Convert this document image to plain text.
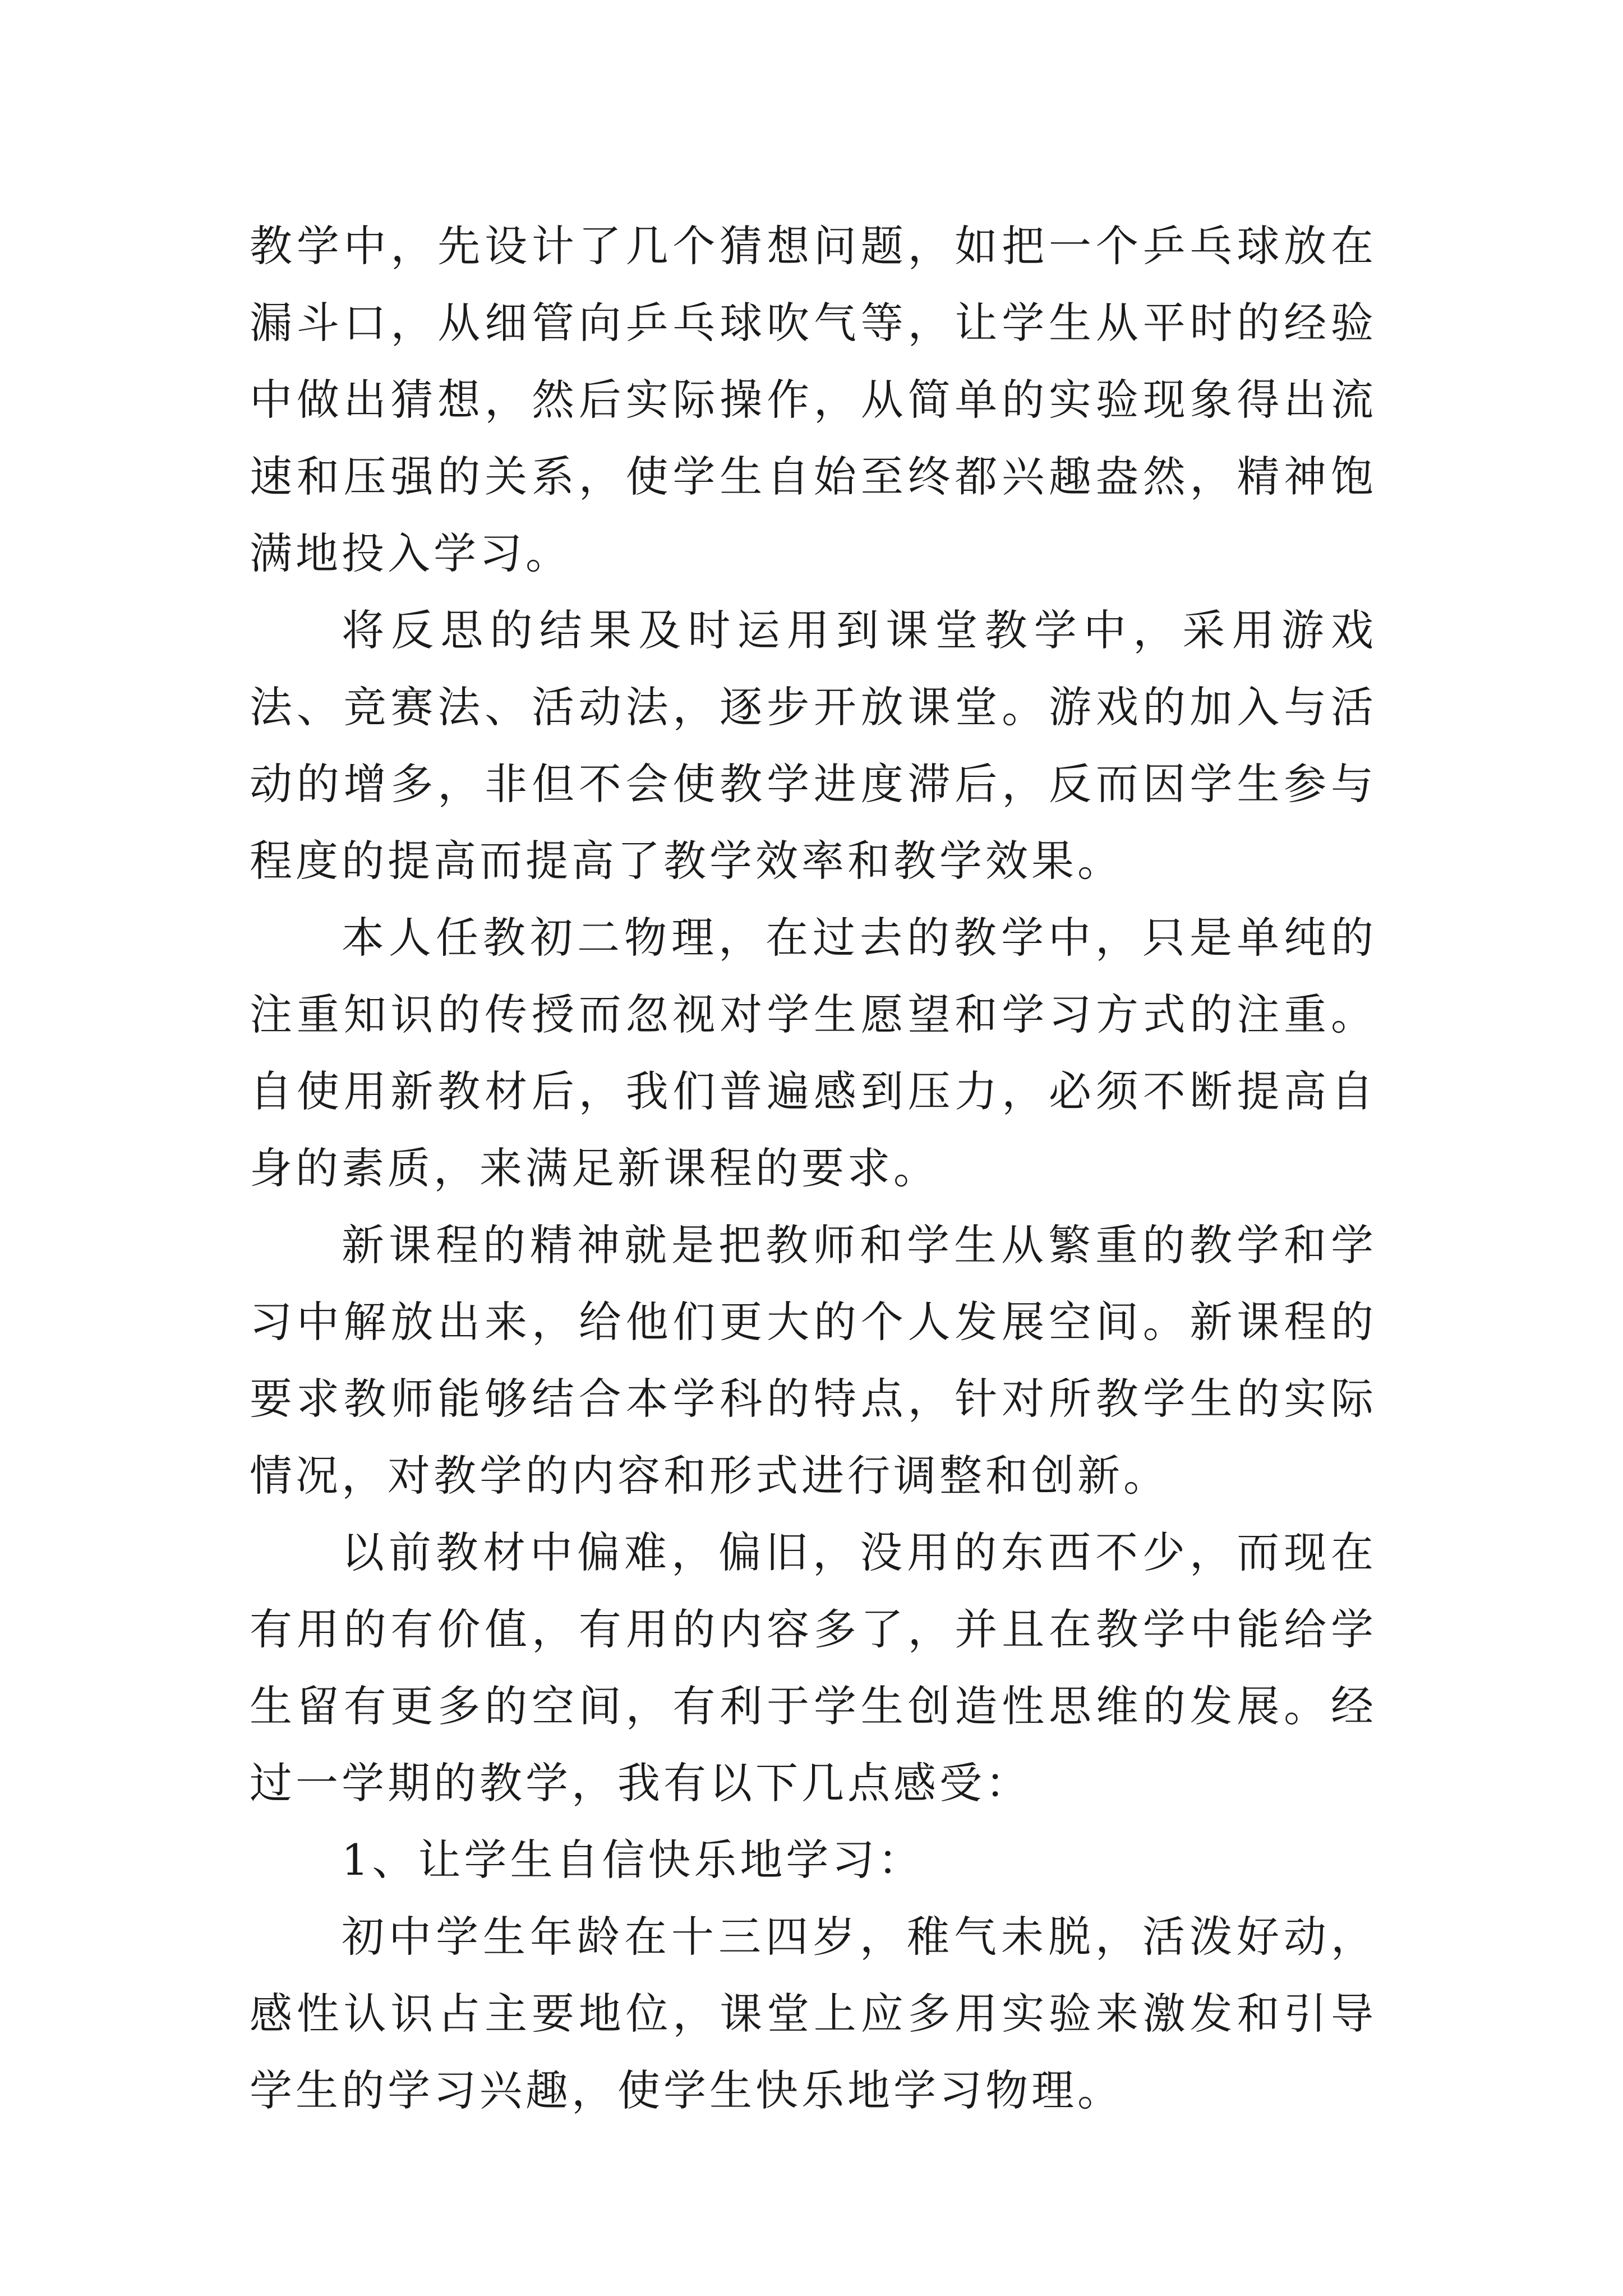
教学中，先设计了几个猜想问题，如把一个乒乓球放在漏斗口，从细管向乒乓球吹气等，让学生从平时的经验中做出猜想，然后实际操作，从简单的实验现象得出流速和压强的关系，使学生自始至终都兴趣盎然，精神饱满地投入学习。

将反思的结果及时运用到课堂教学中，采用游戏法、竞赛法、活动法，逐步开放课堂。游戏的加入与活动的增多，非但不会使教学进度滞后，反而因学生参与程度的提高而提高了教学效率和教学效果。

本人任教初二物理，在过去的教学中，只是单纯的注重知识的传授而忽视对学生愿望和学习方式的注重。自使用新教材后，我们普遍感到压力，必须不断提高自身的素质，来满足新课程的要求。

新课程的精神就是把教师和学生从繁重的教学和学习中解放出来，给他们更大的个人发展空间。新课程的要求教师能够结合本学科的特点，针对所教学生的实际情况，对教学的内容和形式进行调整和创新。

以前教材中偏难，偏旧，没用的东西不少，而现在有用的有价值，有用的内容多了，并且在教学中能给学生留有更多的空间，有利于学生创造性思维的发展。经过一学期的教学，我有以下几点感受：

1、让学生自信快乐地学习：

初中学生年龄在十三四岁，稚气未脱，活泼好动，感性认识占主要地位，课堂上应多用实验来激发和引导学生的学习兴趣，使学生快乐地学习物理。
